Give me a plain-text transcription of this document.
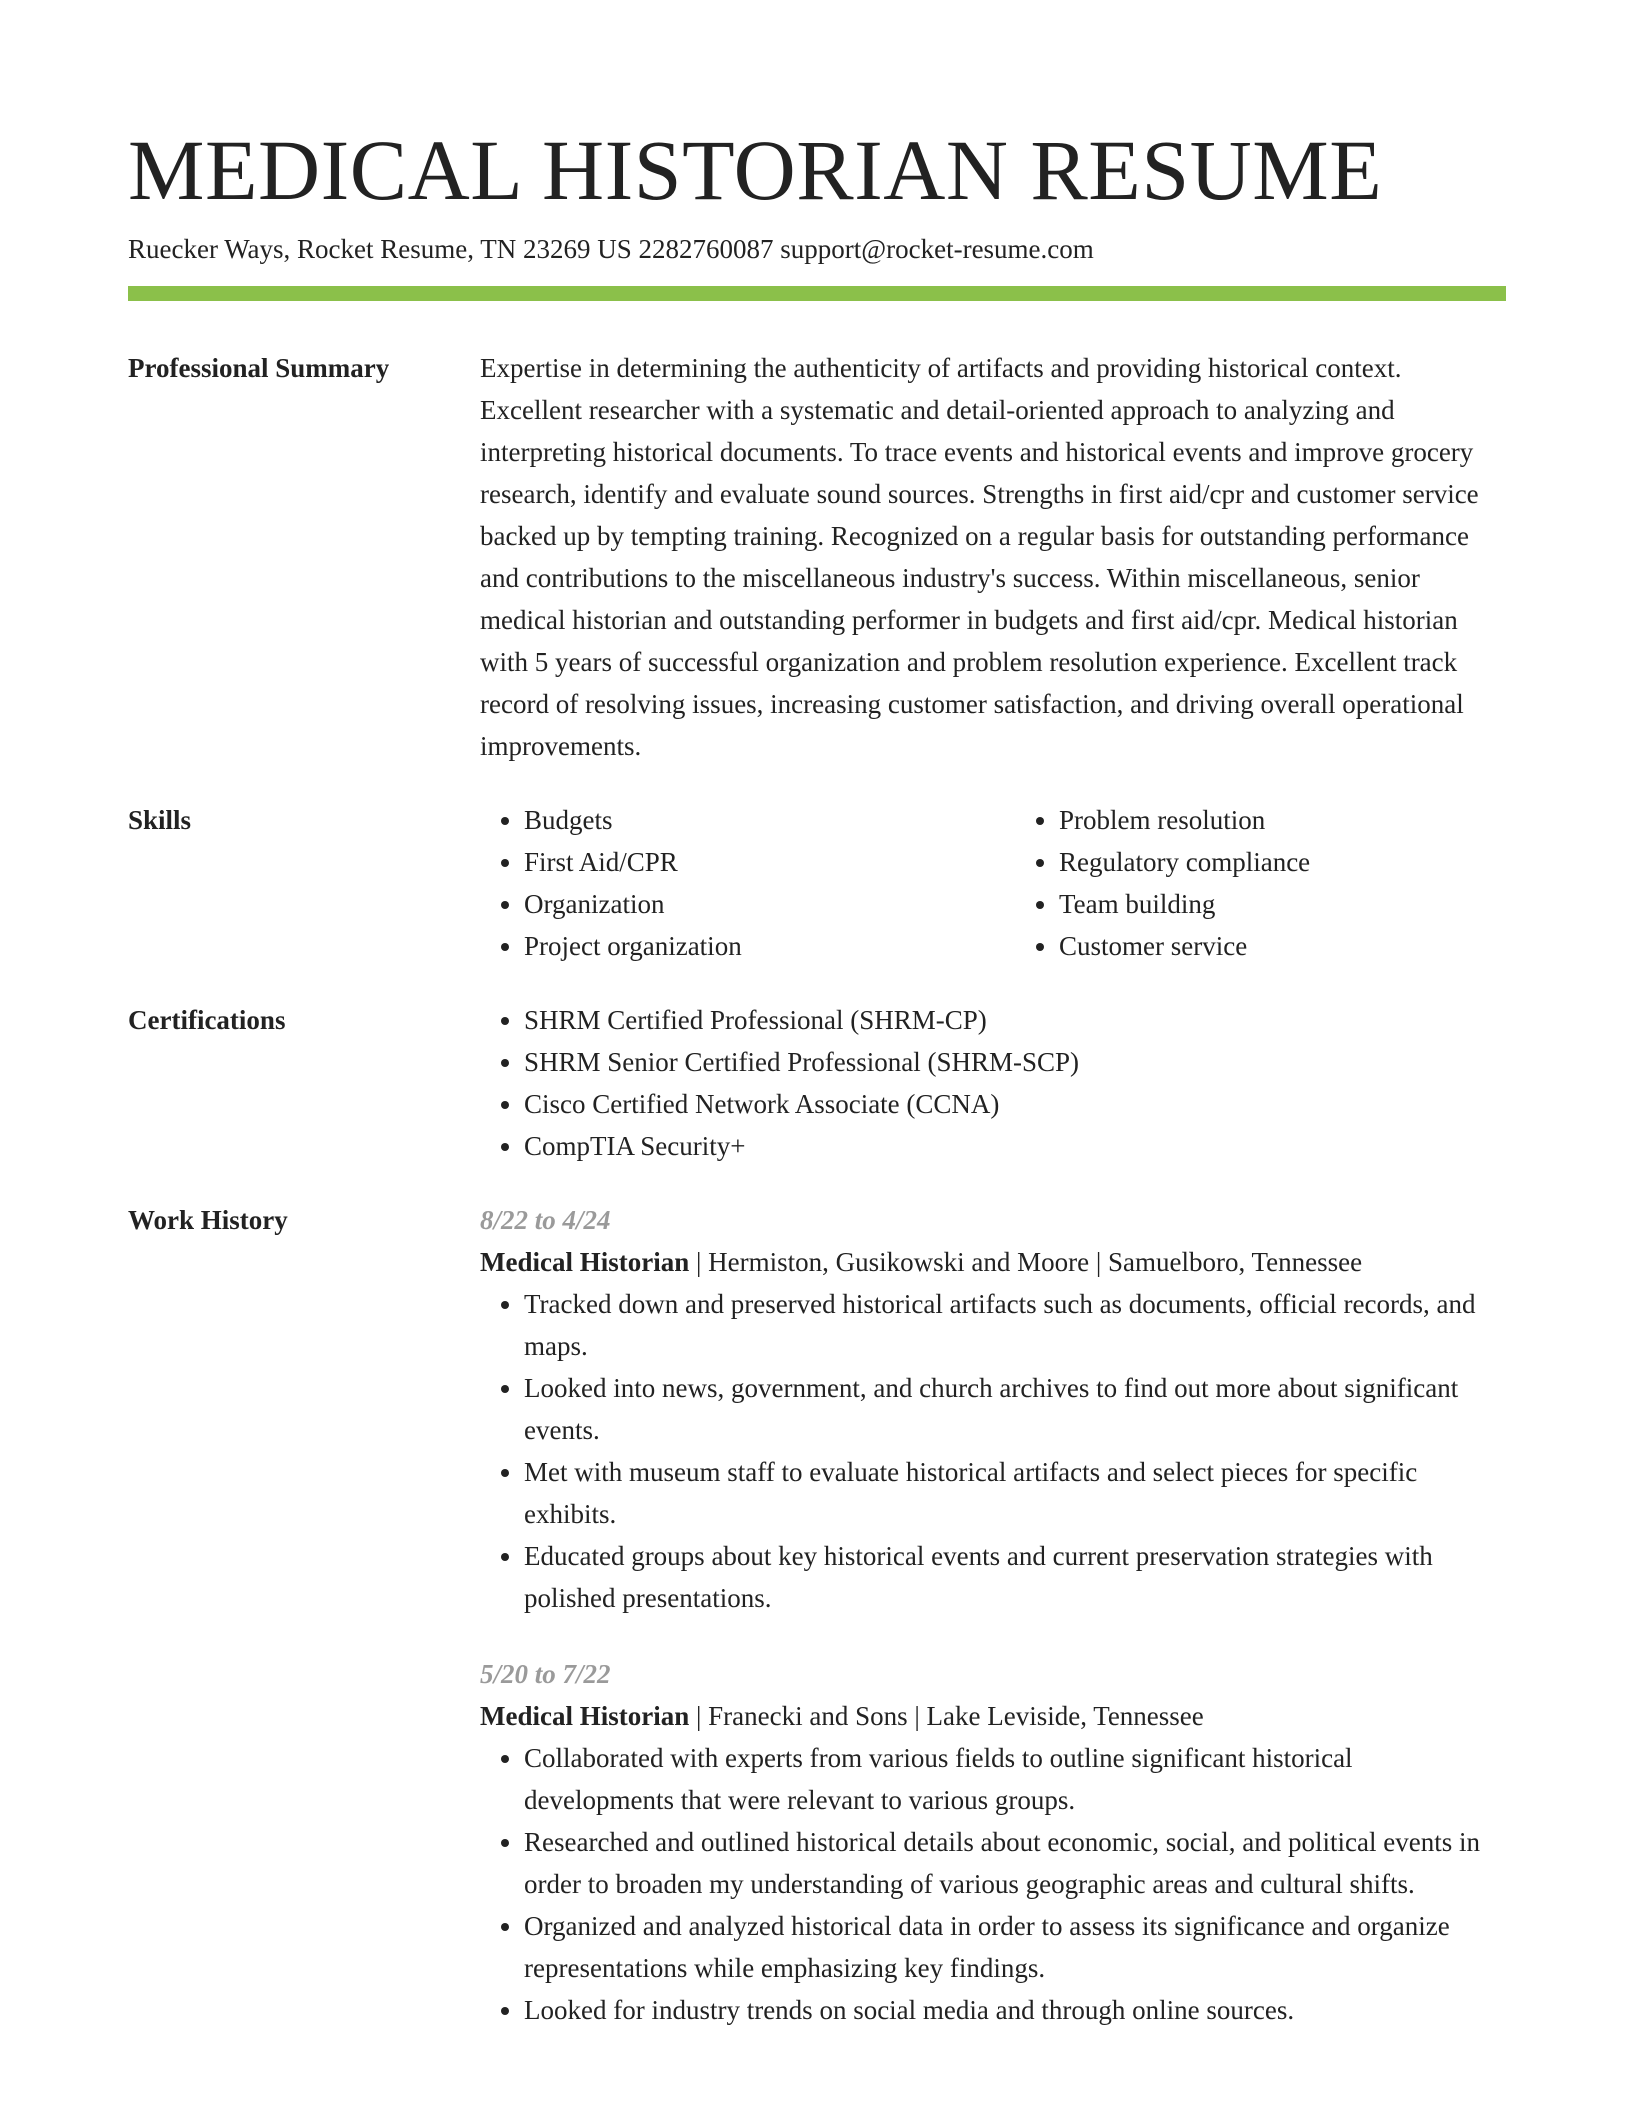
MEDICAL HISTORIAN RESUME
Ruecker Ways, Rocket Resume, TN 23269 US 2282760087 support@rocket-resume.com
Professional Summary	Expertise in determining the authenticity of artifacts and providing historical context. Excellent researcher with a systematic and detail-oriented approach to analyzing and interpreting historical documents. To trace events and historical events and improve grocery research, identify and evaluate sound sources. Strengths in first aid/cpr and customer service backed up by tempting training. Recognized on a regular basis for outstanding performance and contributions to the miscellaneous industry's success. Within miscellaneous, senior medical historian and outstanding performer in budgets and first aid/cpr. Medical historian with 5 years of successful organization and problem resolution experience. Excellent track record of resolving issues, increasing customer satisfaction, and driving overall operational improvements.

Skills	• Budgets
• First Aid/CPR
• Organization
• Project organization
• Problem resolution
• Regulatory compliance
• Team building
• Customer service
Certifications	• SHRM Certified Professional (SHRM-CP)
• SHRM Senior Certified Professional (SHRM-SCP)
• Cisco Certified Network Associate (CCNA)
• CompTIA Security+
Work History	8/22 to 4/24

Medical Historian | Hermiston, Gusikowski and Moore | Samuelboro, Tennessee

• Tracked down and preserved historical artifacts such as documents, official records, and maps.
• Looked into news, government, and church archives to find out more about significant events.
• Met with museum staff to evaluate historical artifacts and select pieces for specific exhibits.
• Educated groups about key historical events and current preservation strategies with polished presentations.
5/20 to 7/22

Medical Historian | Franecki and Sons | Lake Leviside, Tennessee

• Collaborated with experts from various fields to outline significant historical developments that were relevant to various groups.
• Researched and outlined historical details about economic, social, and political events in order to broaden my understanding of various geographic areas and cultural shifts.
• Organized and analyzed historical data in order to assess its significance and organize representations while emphasizing key findings.
• Looked for industry trends on social media and through online sources.
